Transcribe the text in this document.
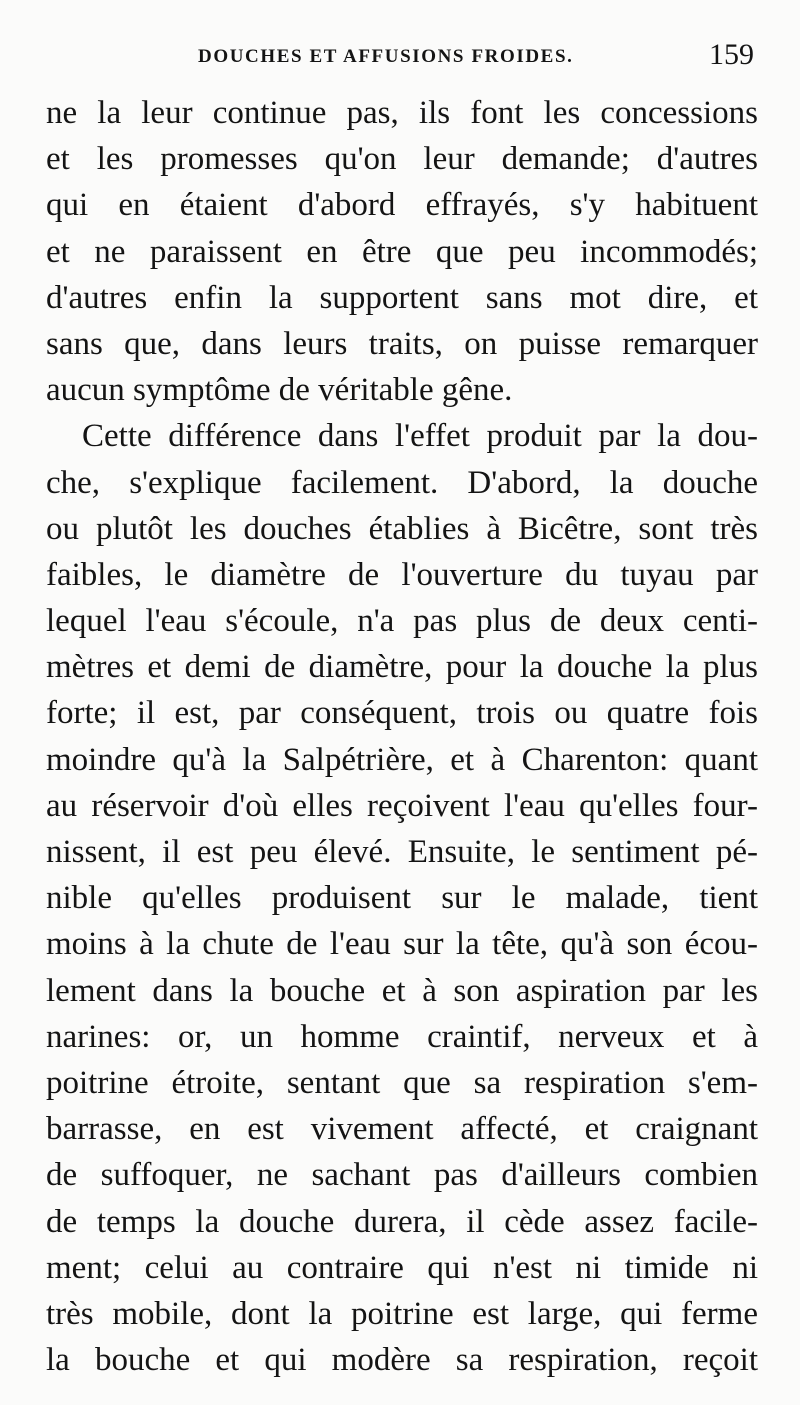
DOUCHES ET AFFUSIONS FROIDES.	159
ne la leur continue pas, ils font les concessions
et les promesses qu'on leur demande; d'autres
qui en étaient d'abord effrayés, s'y habituent
et ne paraissent en être que peu incommodés;
d'autres enfin la supportent sans mot dire, et
sans que, dans leurs traits, on puisse remarquer
aucun symptôme de véritable gêne.
Cette différence dans l'effet produit par la dou-
che, s'explique facilement. D'abord, la douche
ou plutôt les douches établies à Bicêtre, sont très
faibles, le diamètre de l'ouverture du tuyau par
lequel l'eau s'écoule, n'a pas plus de deux centi-
mètres et demi de diamètre, pour la douche la plus
forte; il est, par conséquent, trois ou quatre fois
moindre qu'à la Salpétrière, et à Charenton: quant
au réservoir d'où elles reçoivent l'eau qu'elles four-
nissent, il est peu élevé. Ensuite, le sentiment pé-
nible qu'elles produisent sur le malade, tient
moins à la chute de l'eau sur la tête, qu'à son écou-
lement dans la bouche et à son aspiration par les
narines: or, un homme craintif, nerveux et à
poitrine étroite, sentant que sa respiration s'em-
barrasse, en est vivement affecté, et craignant
de suffoquer, ne sachant pas d'ailleurs combien
de temps la douche durera, il cède assez facile-
ment; celui au contraire qui n'est ni timide ni
très mobile, dont la poitrine est large, qui ferme
la bouche et qui modère sa respiration, reçoit
